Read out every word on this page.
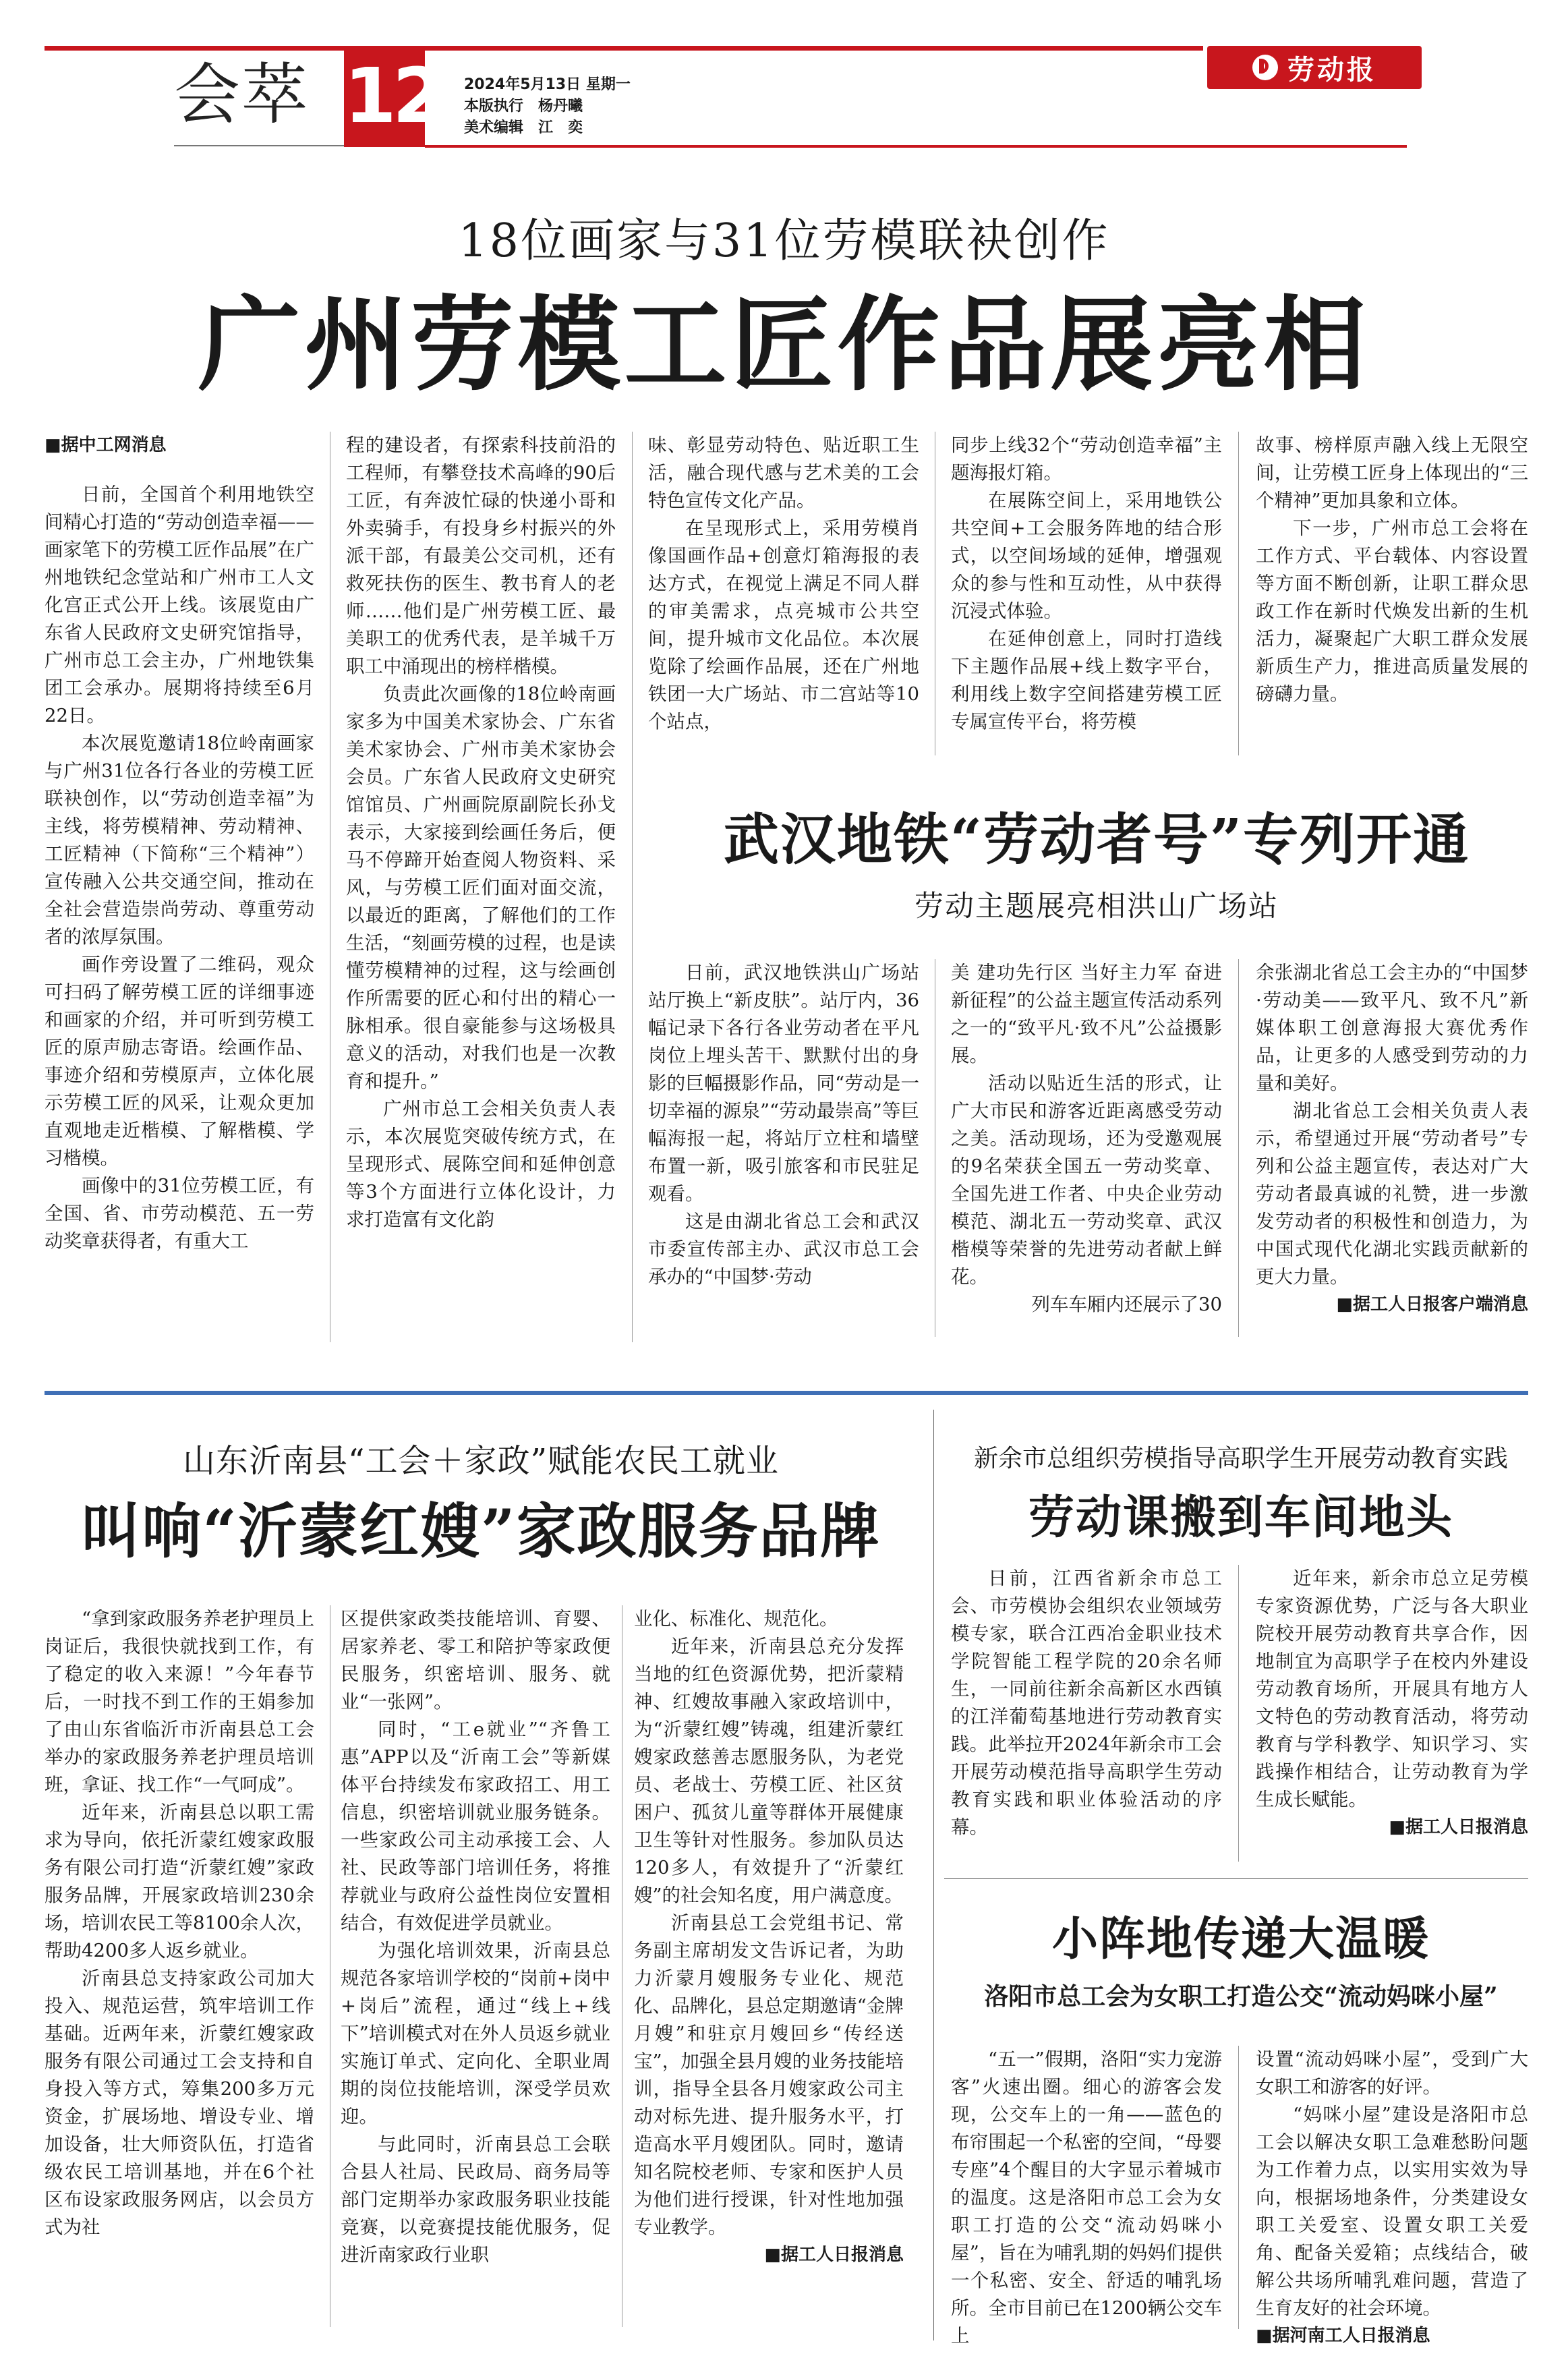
会萃 12 2024年5月13日 星期一
本版执行　 杨丹曦
美术编辑　 江　奕
劳动报
18位画家与31位劳模联袂创作
广州劳模工匠作品展亮相

■据中工网消息

日前，全国首个利用地铁空间精心打造的“劳动创造幸福——画家笔下的劳模工匠作品展”在广州地铁纪念堂站和广州市工人文化宫正式公开上线。该展览由广东省人民政府文史研究馆指导，广州市总工会主办，广州地铁集团工会承办。展期将持续至6月22日。

本次展览邀请18位岭南画家与广州31位各行各业的劳模工匠联袂创作，以“劳动创造幸福”为主线，将劳模精神、劳动精神、工匠精神（下简称“三个精神”）宣传融入公共交通空间，推动在全社会营造崇尚劳动、尊重劳动者的浓厚氛围。

画作旁设置了二维码，观众可扫码了解劳模工匠的详细事迹和画家的介绍，并可听到劳模工匠的原声励志寄语。绘画作品、事迹介绍和劳模原声，立体化展示劳模工匠的风采，让观众更加直观地走近楷模、了解楷模、学习楷模。

画像中的31位劳模工匠，有全国、省、市劳动模范、五一劳动奖章获得者，有重大工

程的建设者，有探索科技前沿的工程师，有攀登技术高峰的90后工匠，有奔波忙碌的快递小哥和外卖骑手，有投身乡村振兴的外派干部，有最美公交司机，还有救死扶伤的医生、教书育人的老师……他们是广州劳模工匠、最美职工的优秀代表，是羊城千万职工中涌现出的榜样楷模。

负责此次画像的18位岭南画家多为中国美术家协会、广东省美术家协会、广州市美术家协会会员。广东省人民政府文史研究馆馆员、广州画院原副院长孙戈表示，大家接到绘画任务后，便马不停蹄开始查阅人物资料、采风，与劳模工匠们面对面交流，以最近的距离，了解他们的工作生活，“刻画劳模的过程，也是读懂劳模精神的过程，这与绘画创作所需要的匠心和付出的精心一脉相承。很自豪能参与这场极具意义的活动，对我们也是一次教育和提升。”

广州市总工会相关负责人表示，本次展览突破传统方式，在呈现形式、展陈空间和延伸创意等3个方面进行立体化设计，力求打造富有文化韵

味、彰显劳动特色、贴近职工生活，融合现代感与艺术美的工会特色宣传文化产品。

在呈现形式上，采用劳模肖像国画作品+创意灯箱海报的表达方式，在视觉上满足不同人群的审美需求，点亮城市公共空间，提升城市文化品位。本次展览除了绘画作品展，还在广州地铁团一大广场站、市二宫站等10个站点，

同步上线32个“劳动创造幸福”主题海报灯箱。

在展陈空间上，采用地铁公共空间+工会服务阵地的结合形式，以空间场域的延伸，增强观众的参与性和互动性，从中获得沉浸式体验。

在延伸创意上，同时打造线下主题作品展+线上数字平台，利用线上数字空间搭建劳模工匠专属宣传平台，将劳模

故事、榜样原声融入线上无限空间，让劳模工匠身上体现出的“三个精神”更加具象和立体。

下一步，广州市总工会将在工作方式、平台载体、内容设置等方面不断创新，让职工群众思政工作在新时代焕发出新的生机活力，凝聚起广大职工群众发展新质生产力，推进高质量发展的磅礴力量。

武汉地铁“劳动者号”专列开通
劳动主题展亮相洪山广场站

日前，武汉地铁洪山广场站站厅换上“新皮肤”。站厅内，36幅记录下各行各业劳动者在平凡岗位上埋头苦干、默默付出的身影的巨幅摄影作品，同“劳动是一切幸福的源泉”“劳动最崇高”等巨幅海报一起，将站厅立柱和墙壁布置一新，吸引旅客和市民驻足观看。

这是由湖北省总工会和武汉市委宣传部主办、武汉市总工会承办的“中国梦·劳动

美 建功先行区 当好主力军 奋进新征程”的公益主题宣传活动系列之一的“致平凡·致不凡”公益摄影展。

活动以贴近生活的形式，让广大市民和游客近距离感受劳动之美。活动现场，还为受邀观展的9名荣获全国五一劳动奖章、全国先进工作者、中央企业劳动模范、湖北五一劳动奖章、武汉楷模等荣誉的先进劳动者献上鲜花。

列车车厢内还展示了30

余张湖北省总工会主办的“中国梦·劳动美——致平凡、致不凡”新媒体职工创意海报大赛优秀作品，让更多的人感受到劳动的力量和美好。

湖北省总工会相关负责人表示，希望通过开展“劳动者号”专列和公益主题宣传，表达对广大劳动者最真诚的礼赞，进一步激发劳动者的积极性和创造力，为中国式现代化湖北实践贡献新的更大力量。

■据工人日报客户端消息

山东沂南县“工会＋家政”赋能农民工就业
叫响“沂蒙红嫂”家政服务品牌

“拿到家政服务养老护理员上岗证后，我很快就找到工作，有了稳定的收入来源！”今年春节后，一时找不到工作的王娟参加了由山东省临沂市沂南县总工会举办的家政服务养老护理员培训班，拿证、找工作“一气呵成”。

近年来，沂南县总以职工需求为导向，依托沂蒙红嫂家政服务有限公司打造“沂蒙红嫂”家政服务品牌，开展家政培训230余场，培训农民工等8100余人次，帮助4200多人返乡就业。

沂南县总支持家政公司加大投入、规范运营，筑牢培训工作基础。近两年来，沂蒙红嫂家政服务有限公司通过工会支持和自身投入等方式，筹集200多万元资金，扩展场地、增设专业、增加设备，壮大师资队伍，打造省级农民工培训基地，并在6个社区布设家政服务网店，以会员方式为社

区提供家政类技能培训、育婴、居家养老、零工和陪护等家政便民服务，织密培训、服务、就业“一张网”。

同时，“工e就业”“齐鲁工惠”APP以及“沂南工会”等新媒体平台持续发布家政招工、用工信息，织密培训就业服务链条。一些家政公司主动承接工会、人社、民政等部门培训任务，将推荐就业与政府公益性岗位安置相结合，有效促进学员就业。

为强化培训效果，沂南县总规范各家培训学校的“岗前+岗中+岗后”流程，通过“线上+线下”培训模式对在外人员返乡就业实施订单式、定向化、全职业周期的岗位技能培训，深受学员欢迎。

与此同时，沂南县总工会联合县人社局、民政局、商务局等部门定期举办家政服务职业技能竞赛，以竞赛提技能优服务，促进沂南家政行业职

业化、标准化、规范化。

近年来，沂南县总充分发挥当地的红色资源优势，把沂蒙精神、红嫂故事融入家政培训中，为“沂蒙红嫂”铸魂，组建沂蒙红嫂家政慈善志愿服务队，为老党员、老战士、劳模工匠、社区贫困户、孤贫儿童等群体开展健康卫生等针对性服务。参加队员达120多人，有效提升了“沂蒙红嫂”的社会知名度，用户满意度。

沂南县总工会党组书记、常务副主席胡发文告诉记者，为助力沂蒙月嫂服务专业化、规范化、品牌化，县总定期邀请“金牌月嫂”和驻京月嫂回乡“传经送宝”，加强全县月嫂的业务技能培训，指导全县各月嫂家政公司主动对标先进、提升服务水平，打造高水平月嫂团队。同时，邀请知名院校老师、专家和医护人员为他们进行授课，针对性地加强专业教学。

■据工人日报消息

新余市总组织劳模指导高职学生开展劳动教育实践
劳动课搬到车间地头

日前，江西省新余市总工会、市劳模协会组织农业领域劳模专家，联合江西冶金职业技术学院智能工程学院的20余名师生，一同前往新余高新区水西镇的江洋葡萄基地进行劳动教育实践。此举拉开2024年新余市工会开展劳动模范指导高职学生劳动教育实践和职业体验活动的序幕。

近年来，新余市总立足劳模专家资源优势，广泛与各大职业院校开展劳动教育共享合作，因地制宜为高职学子在校内外建设劳动教育场所，开展具有地方人文特色的劳动教育活动，将劳动教育与学科教学、知识学习、实践操作相结合，让劳动教育为学生成长赋能。

■据工人日报消息

小阵地传递大温暖
洛阳市总工会为女职工打造公交“流动妈咪小屋”

“五一”假期，洛阳“实力宠游客”火速出圈。细心的游客会发现，公交车上的一角——蓝色的布帘围起一个私密的空间，“母婴专座”4个醒目的大字显示着城市的温度。这是洛阳市总工会为女职工打造的公交“流动妈咪小屋”，旨在为哺乳期的妈妈们提供一个私密、安全、舒适的哺乳场所。全市目前已在1200辆公交车上

设置“流动妈咪小屋”，受到广大女职工和游客的好评。

“妈咪小屋”建设是洛阳市总工会以解决女职工急难愁盼问题为工作着力点，以实用实效为导向，根据场地条件，分类建设女职工关爱室、设置女职工关爱角、配备关爱箱；点线结合，破解公共场所哺乳难问题，营造了生育友好的社会环境。

■据河南工人日报消息
